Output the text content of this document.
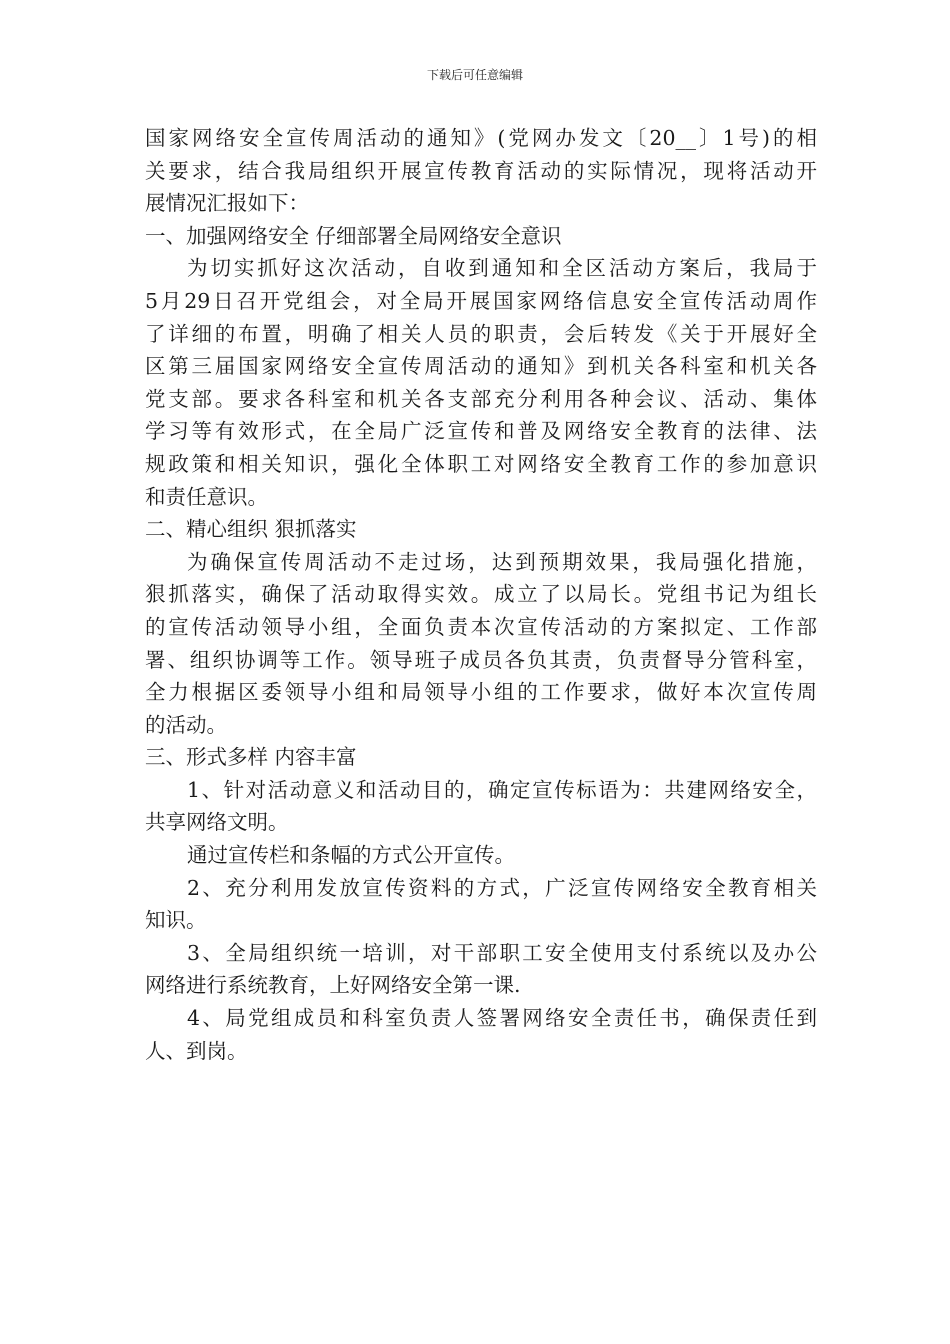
下载后可任意编辑
国家网络安全宣传周活动的通知》(党网办发文〔20__〕1号)的相
关要求，结合我局组织开展宣传教育活动的实际情况，现将活动开
展情况汇报如下：
一、加强网络安全 仔细部署全局网络安全意识
为切实抓好这次活动，自收到通知和全区活动方案后，我局于
5月29日召开党组会，对全局开展国家网络信息安全宣传活动周作
了详细的布置，明确了相关人员的职责，会后转发《关于开展好全
区第三届国家网络安全宣传周活动的通知》到机关各科室和机关各
党支部。要求各科室和机关各支部充分利用各种会议、活动、集体
学习等有效形式，在全局广泛宣传和普及网络安全教育的法律、法
规政策和相关知识，强化全体职工对网络安全教育工作的参加意识
和责任意识。
二、精心组织 狠抓落实
为确保宣传周活动不走过场，达到预期效果，我局强化措施，
狠抓落实，确保了活动取得实效。成立了以局长。党组书记为组长
的宣传活动领导小组，全面负责本次宣传活动的方案拟定、工作部
署、组织协调等工作。领导班子成员各负其责，负责督导分管科室，
全力根据区委领导小组和局领导小组的工作要求，做好本次宣传周
的活动。
三、形式多样 内容丰富
1、针对活动意义和活动目的，确定宣传标语为：共建网络安全，
共享网络文明。
通过宣传栏和条幅的方式公开宣传。
2、充分利用发放宣传资料的方式，广泛宣传网络安全教育相关
知识。
3、全局组织统一培训，对干部职工安全使用支付系统以及办公
网络进行系统教育，上好网络安全第一课.
4、局党组成员和科室负责人签署网络安全责任书，确保责任到
人、到岗。
